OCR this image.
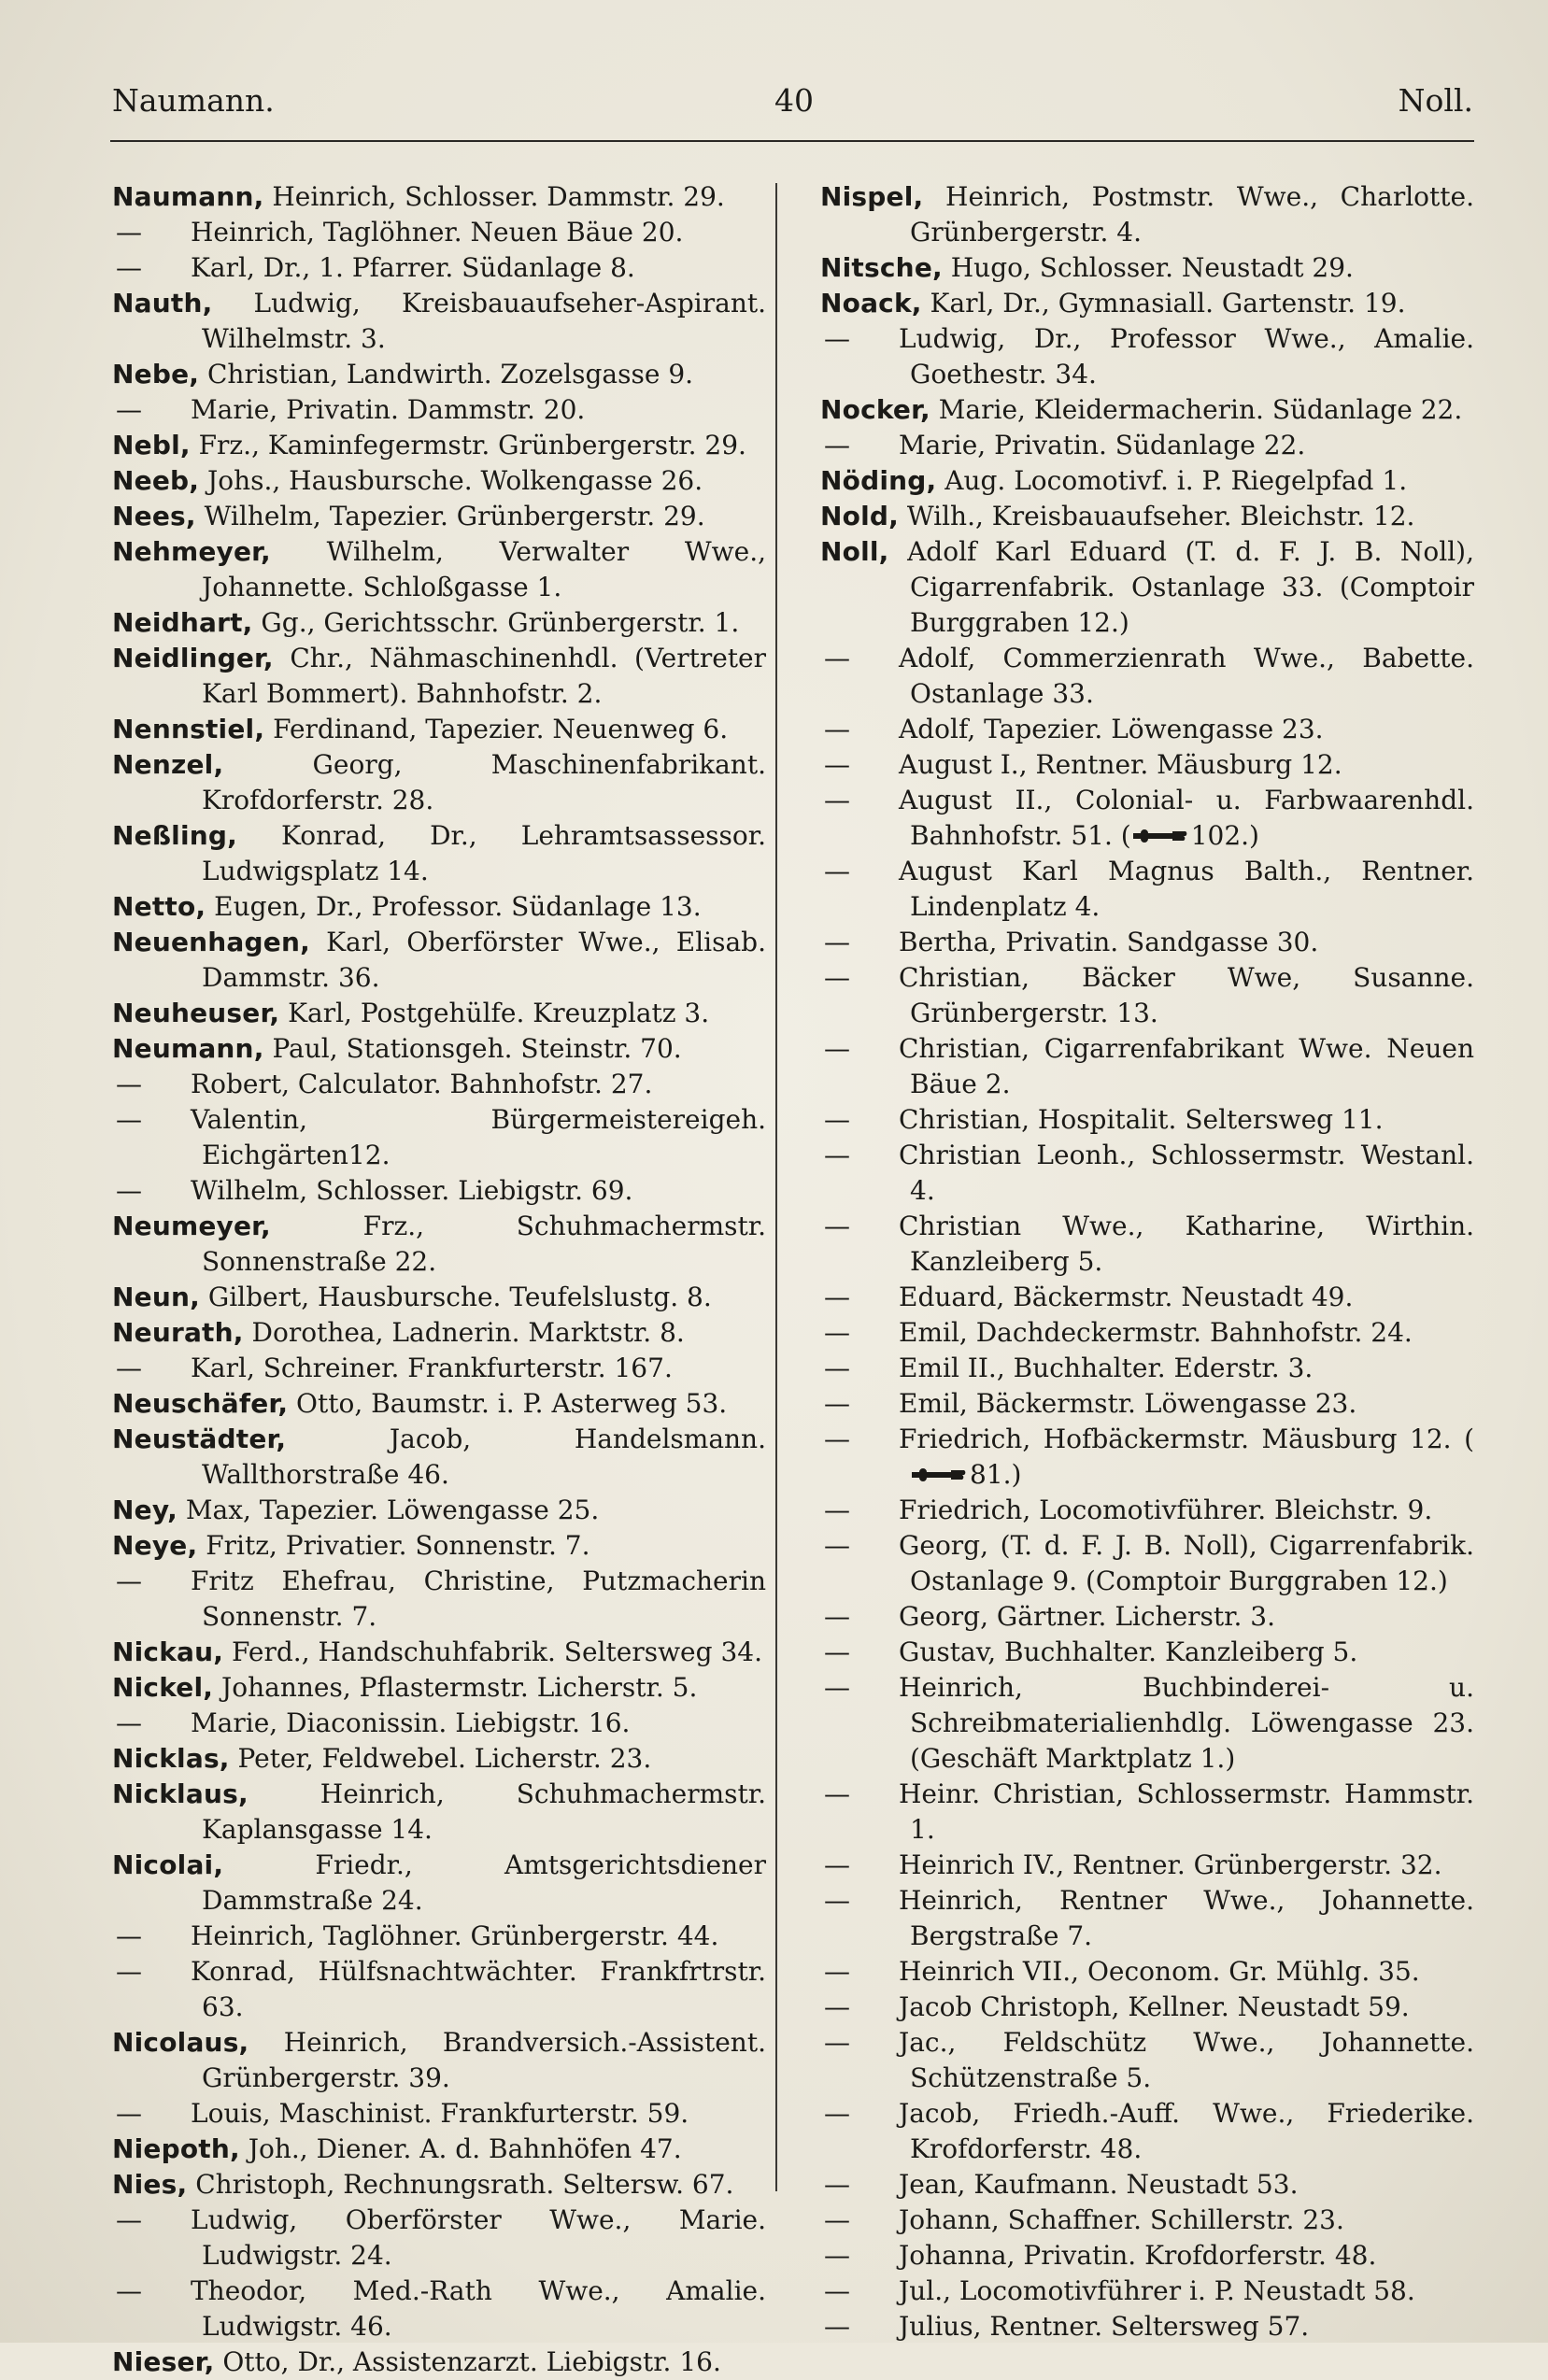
Naumann.	40	Noll.

Naumann, Heinrich, Schlosser. Dammstr. 29.

— Heinrich, Taglöhner. Neuen Bäue 20.

— Karl, Dr., 1. Pfarrer. Südanlage 8.

Nauth, Ludwig, Kreisbauaufseher-Aspirant. Wilhelmstr. 3.

Nebe, Christian, Landwirth. Zozelsgasse 9.

— Marie, Privatin. Dammstr. 20.

Nebl, Frz., Kaminfegermstr. Grünbergerstr. 29.

Neeb, Johs., Hausbursche. Wolkengasse 26.

Nees, Wilhelm, Tapezier. Grünbergerstr. 29.

Nehmeyer, Wilhelm, Verwalter Wwe., Johannette. Schloßgasse 1.

Neidhart, Gg., Gerichtsschr. Grünbergerstr. 1.

Neidlinger, Chr., Nähmaschinenhdl. (Vertreter Karl Bommert). Bahnhofstr. 2.

Nennstiel, Ferdinand, Tapezier. Neuenweg 6.

Nenzel, Georg, Maschinenfabrikant. Krofdorferstr. 28.

Neßling, Konrad, Dr., Lehramtsassessor. Ludwigsplatz 14.

Netto, Eugen, Dr., Professor. Südanlage 13.

Neuenhagen, Karl, Oberförster Wwe., Elisab. Dammstr. 36.

Neuheuser, Karl, Postgehülfe. Kreuzplatz 3.

Neumann, Paul, Stationsgeh. Steinstr. 70.

— Robert, Calculator. Bahnhofstr. 27.

— Valentin, Bürgermeistereigeh. Eichgärten12.

— Wilhelm, Schlosser. Liebigstr. 69.

Neumeyer, Frz., Schuhmachermstr. Sonnenstraße 22.

Neun, Gilbert, Hausbursche. Teufelslustg. 8.

Neurath, Dorothea, Ladnerin. Marktstr. 8.

— Karl, Schreiner. Frankfurterstr. 167.

Neuschäfer, Otto, Baumstr. i. P. Asterweg 53.

Neustädter, Jacob, Handelsmann. Wallthorstraße 46.

Ney, Max, Tapezier. Löwengasse 25.

Neye, Fritz, Privatier. Sonnenstr. 7.

— Fritz Ehefrau, Christine, Putzmacherin Sonnenstr. 7.

Nickau, Ferd., Handschuhfabrik. Seltersweg 34.

Nickel, Johannes, Pflastermstr. Licherstr. 5.

— Marie, Diaconissin. Liebigstr. 16.

Nicklas, Peter, Feldwebel. Licherstr. 23.

Nicklaus, Heinrich, Schuhmachermstr. Kaplansgasse 14.

Nicolai, Friedr., Amtsgerichtsdiener Dammstraße 24.

— Heinrich, Taglöhner. Grünbergerstr. 44.

— Konrad, Hülfsnachtwächter. Frankfrtrstr. 63.

Nicolaus, Heinrich, Brandversich.-Assistent. Grünbergerstr. 39.

— Louis, Maschinist. Frankfurterstr. 59.

Niepoth, Joh., Diener. A. d. Bahnhöfen 47.

Nies, Christoph, Rechnungsrath. Seltersw. 67.

— Ludwig, Oberförster Wwe., Marie. Ludwigstr. 24.

— Theodor, Med.-Rath Wwe., Amalie. Ludwigstr. 46.

Nieser, Otto, Dr., Assistenzarzt. Liebigstr. 16.

Nispel, Heinrich, Postmstr. Wwe., Charlotte. Grünbergerstr. 4.

Nitsche, Hugo, Schlosser. Neustadt 29.

Noack, Karl, Dr., Gymnasiall. Gartenstr. 19.

— Ludwig, Dr., Professor Wwe., Amalie. Goethestr. 34.

Nocker, Marie, Kleidermacherin. Südanlage 22.

— Marie, Privatin. Südanlage 22.

Nöding, Aug. Locomotivf. i. P. Riegelpfad 1.

Nold, Wilh., Kreisbauaufseher. Bleichstr. 12.

Noll, Adolf Karl Eduard (T. d. F. J. B. Noll), Cigarrenfabrik. Ostanlage 33. (Comptoir Burggraben 12.)

— Adolf, Commerzienrath Wwe., Babette. Ostanlage 33.

— Adolf, Tapezier. Löwengasse 23.

— August I., Rentner. Mäusburg 12.

— August II., Colonial- u. Farbwaarenhdl. Bahnhofstr. 51. ( 102.)

— August Karl Magnus Balth., Rentner. Lindenplatz 4.

— Bertha, Privatin. Sandgasse 30.

— Christian, Bäcker Wwe, Susanne. Grünbergerstr. 13.

— Christian, Cigarrenfabrikant Wwe. Neuen Bäue 2.

— Christian, Hospitalit. Seltersweg 11.

— Christian Leonh., Schlossermstr. Westanl. 4.

— Christian Wwe., Katharine, Wirthin. Kanzleiberg 5.

— Eduard, Bäckermstr. Neustadt 49.

— Emil, Dachdeckermstr. Bahnhofstr. 24.

— Emil II., Buchhalter. Ederstr. 3.

— Emil, Bäckermstr. Löwengasse 23.

— Friedrich, Hofbäckermstr. Mäusburg 12. (81.)

— Friedrich, Locomotivführer. Bleichstr. 9.

— Georg, (T. d. F. J. B. Noll), Cigarrenfabrik. Ostanlage 9. (Comptoir Burggraben 12.)

— Georg, Gärtner. Licherstr. 3.

— Gustav, Buchhalter. Kanzleiberg 5.

— Heinrich, Buchbinderei- u. Schreibmaterialienhdlg. Löwengasse 23. (Geschäft Marktplatz 1.)

— Heinr. Christian, Schlossermstr. Hammstr. 1.

— Heinrich IV., Rentner. Grünbergerstr. 32.

— Heinrich, Rentner Wwe., Johannette. Bergstraße 7.

— Heinrich VII., Oeconom. Gr. Mühlg. 35.

— Jacob Christoph, Kellner. Neustadt 59.

— Jac., Feldschütz Wwe., Johannette. Schützenstraße 5.

— Jacob, Friedh.-Auff. Wwe., Friederike. Krofdorferstr. 48.

— Jean, Kaufmann. Neustadt 53.

— Johann, Schaffner. Schillerstr. 23.

— Johanna, Privatin. Krofdorferstr. 48.

— Jul., Locomotivführer i. P. Neustadt 58.

— Julius, Rentner. Seltersweg 57.
